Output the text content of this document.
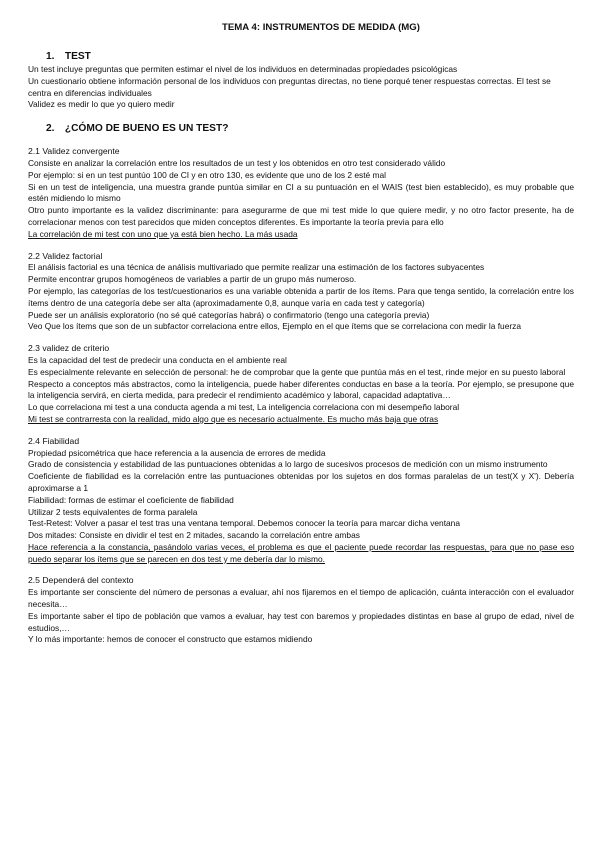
TEMA 4: INSTRUMENTOS DE MEDIDA (MG)
1. TEST

Un test incluye preguntas que permiten estimar el nivel de los individuos en determinadas propiedades psicológicas

Un cuestionario obtiene información personal de los individuos con preguntas directas, no tiene porqué tener respuestas correctas. El test se centra en diferencias individuales

Validez es medir lo que yo quiero medir

2. ¿CÓMO DE BUENO ES UN TEST?

2.1 Validez convergente

Consiste en analizar la correlación entre los resultados de un test y los obtenidos en otro test considerado válido

Por ejemplo: si en un test puntúo 100 de CI y en otro 130, es evidente que uno de los 2 esté mal

Si en un test de inteligencia, una muestra grande puntúa similar en CI a su puntuación en el WAIS (test bien establecido), es muy probable que estén midiendo lo mismo

Otro punto importante es la validez discriminante: para asegurarme de que mi test mide lo que quiere medir, y no otro factor presente, ha de correlacionar menos con test parecidos que miden conceptos diferentes. Es importante la teoría previa para ello

La correlación de mi test con uno que ya está bien hecho. La más usada

2.2 Validez factorial

El análisis factorial es una técnica de análisis multivariado que permite realizar una estimación de los factores subyacentes

Permite encontrar grupos homogéneos de variables a partir de un grupo más numeroso.

Por ejemplo, las categorías de los test/cuestionarios es una variable obtenida a partir de los ítems. Para que tenga sentido, la correlación entre los ítems dentro de una categoría debe ser alta (aproximadamente 0,8, aunque varía en cada test y categoría)

Puede ser un análisis exploratorio (no sé qué categorías habrá) o confirmatorio (tengo una categoría previa)

Veo Que los ítems que son de un subfactor correlaciona entre ellos, Ejemplo en el que ítems que se correlaciona con medir la fuerza

2.3 validez de criterio

Es la capacidad del test de predecir una conducta en el ambiente real

Es especialmente relevante en selección de personal: he de comprobar que la gente que puntúa más en el test, rinde mejor en su puesto laboral

Respecto a conceptos más abstractos, como la inteligencia, puede haber diferentes conductas en base a la teoría. Por ejemplo, se presupone que la inteligencia servirá, en cierta medida, para predecir el rendimiento académico y laboral, capacidad adaptativa…

Lo que correlaciona mi test a una conducta agenda a mi test, La inteligencia correlaciona con mi desempeño laboral

Mi test se contrarresta con la realidad, mido algo que es necesario actualmente. Es mucho más baja que otras

2.4 Fiabilidad

Propiedad psicométrica que hace referencia a la ausencia de errores de medida

Grado de consistencia y estabilidad de las puntuaciones obtenidas a lo largo de sucesivos procesos de medición con un mismo instrumento

Coeficiente de fiabilidad es la correlación entre las puntuaciones obtenidas por los sujetos en dos formas paralelas de un test(X y X'). Debería aproximarse a 1

Fiabilidad: formas de estimar el coeficiente de fiabilidad

Utilizar 2 tests equivalentes de forma paralela

Test-Retest: Volver a pasar el test tras una ventana temporal. Debemos conocer la teoría para marcar dicha ventana

Dos mitades: Consiste en dividir el test en 2 mitades, sacando la correlación entre ambas

Hace referencia a la constancia, pasándolo varias veces, el problema es que el paciente puede recordar las respuestas, para que no pase eso puedo separar los ítems que se parecen en dos test y me debería dar lo mismo.

2.5 Dependerá del contexto

Es importante ser consciente del número de personas a evaluar, ahí nos fijaremos en el tiempo de aplicación, cuánta interacción con el evaluador necesita…

Es importante saber el tipo de población que vamos a evaluar, hay test con baremos y propiedades distintas en base al grupo de edad, nivel de estudios,…

Y lo más importante: hemos de conocer el constructo que estamos midiendo
